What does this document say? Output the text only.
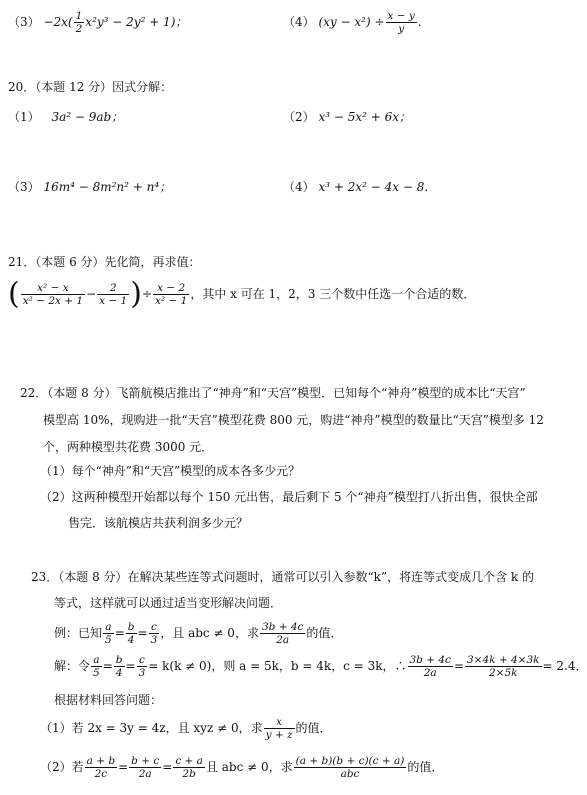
$(3) -2x( \frac{1}{2} x^2y^3 - 2y^2 + 1)$；	（4） $(xy - x^2) \div \frac{x - y}{y}$ .
20．（本题 12 分）因式分解：
（1） 3a² − 9ab；	（2） x³ − 5x² + 6x；
（3） 16m⁴ − 8m²n² + n⁴；	（4） x³ + 2x² − 4x − 8．
21．（本题 6 分）先化简，再求值：
( $\frac{\text{x² − x}}{\text{x² − 2x + 1}} - \frac{2}{x - 1}$ )÷ $\frac{x - 2}{\text{x² − 1}}$ ，其中 x 可在 1，2，3 三个数中任选一个合适的数．
22．（本题 8 分）飞箭航模店推出了“神舟”和“天宫”模型．已知每个“神舟”模型的成本比“天宫”
模型高 10%，现购进一批“天宫”模型花费 800 元，购进“神舟”模型的数量比“天宫”模型多 12
个，两种模型共花费 3000 元．
（1）每个“神舟”和“天宫”模型的成本各多少元？
（2）这两种模型开始都以每个 150 元出售，最后剩下 5 个“神舟”模型打八折出售，很快全部
售完．该航模店共获利润多少元？
23．（本题 8 分）在解决某些连等式问题时，通常可以引入参数“k”，将连等式变成几个含 k 的
等式，这样就可以通过适当变形解决问题．
例：已知 $\frac{a}{5} = \frac{b}{4} = \frac{c}{3}$ ，且 abc ≠ 0，求 $\frac{3b + 4c}{2a}$ 的值．
解：令 $\frac{a}{5} = \frac{b}{4} = \frac{c}{3} = k(k \ne 0)$，则 a = 5k，b = 4k，c = 3k，∴ $\frac{3b + 4c}{2a} = \frac{3\times 4k + 4\times 3k}{2\times 5k} = 2.4$．
根据材料回答问题：
（1）若 2x = 3y = 4z，且 xyz ≠ 0，求 $\frac{x}{y + z}$ 的值．
（2）若 $\frac{a + b}{2c} = \frac{b + c}{2a} = \frac{c + a}{2b}$ 且 abc ≠ 0，求 $\frac{(a + b)(b + c)(c + a)}{\text{abc}}$ 的值．
